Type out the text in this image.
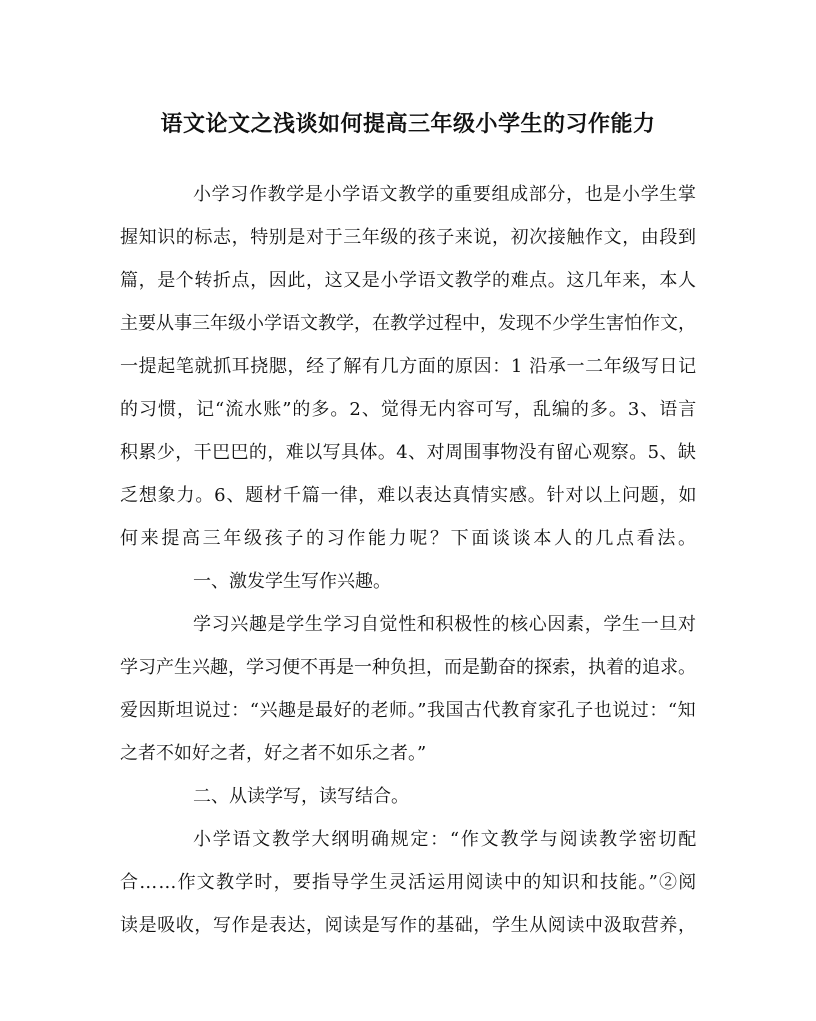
语文论文之浅谈如何提高三年级小学生的习作能力

小学习作教学是小学语文教学的重要组成部分，也是小学生掌

握知识的标志，特别是对于三年级的孩子来说，初次接触作文，由段到

篇，是个转折点，因此，这又是小学语文教学的难点。这几年来，本人

主要从事三年级小学语文教学，在教学过程中，发现不少学生害怕作文，

一提起笔就抓耳挠腮，经了解有几方面的原因：1 沿承一二年级写日记

的习惯，记“流水账”的多。2、觉得无内容可写，乱编的多。3、语言

积累少，干巴巴的，难以写具体。4、对周围事物没有留心观察。5、缺

乏想象力。6、题材千篇一律，难以表达真情实感。针对以上问题，如

何来提高三年级孩子的习作能力呢？下面谈谈本人的几点看法。

一、激发学生写作兴趣。

学习兴趣是学生学习自觉性和积极性的核心因素，学生一旦对

学习产生兴趣，学习便不再是一种负担，而是勤奋的探索，执着的追求。

爱因斯坦说过：“兴趣是最好的老师。”我国古代教育家孔子也说过：“知

之者不如好之者，好之者不如乐之者。”

二、从读学写，读写结合。

小学语文教学大纲明确规定：“作文教学与阅读教学密切配

合……作文教学时，要指导学生灵活运用阅读中的知识和技能。”②阅

读是吸收，写作是表达，阅读是写作的基础，学生从阅读中汲取营养，
